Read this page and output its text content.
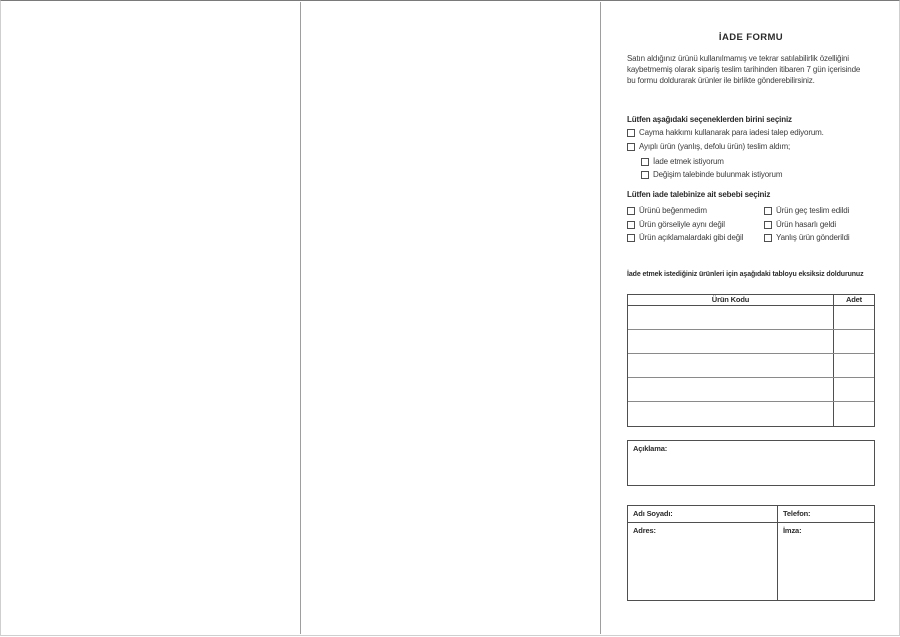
İADE FORMU
Satın aldığınız ürünü kullanılmamış ve tekrar satılabilirlik özelliğini
kaybetmemiş olarak sipariş teslim tarihinden itibaren 7 gün içerisinde
bu formu doldurarak ürünler ile birlikte gönderebilirsiniz.
Lütfen aşağıdaki seçeneklerden birini seçiniz
Cayma hakkımı kullanarak para iadesi talep ediyorum.
Ayıplı ürün (yanlış, defolu ürün) teslim aldım;
İade etmek istiyorum
Değişim talebinde bulunmak istiyorum
Lütfen iade talebinize ait sebebi seçiniz
Ürünü beğenmedim
Ürün görseliyle aynı değil
Ürün açıklamalardaki gibi değil
Ürün geç teslim edildi
Ürün hasarlı geldi
Yanlış ürün gönderildi
İade etmek istediğiniz ürünleri için aşağıdaki tabloyu eksiksiz doldurunuz
Ürün Kodu	Adet
Açıklama:
Adı Soyadı:	Telefon:
Adres:	İmza:
